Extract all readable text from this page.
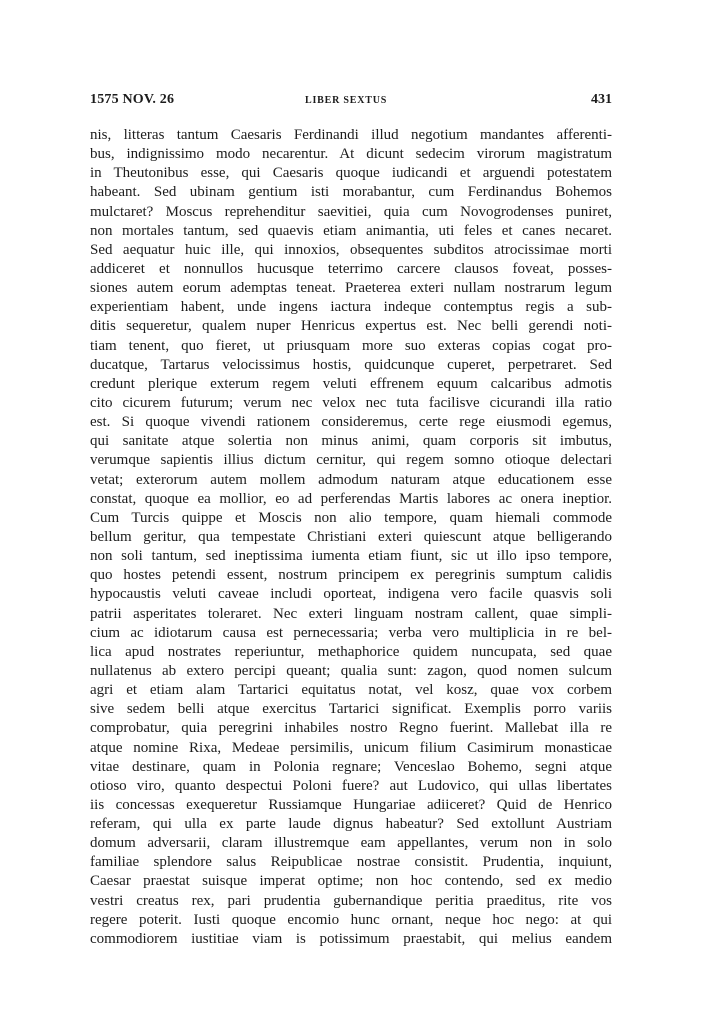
1575 NOV. 26	LIBER SEXTUS	431
nis, litteras tantum Caesaris Ferdinandi illud negotium mandantes afferenti-
bus, indignissimo modo necarentur. At dicunt sedecim virorum magistratum
in Theutonibus esse, qui Caesaris quoque iudicandi et arguendi potestatem
habeant. Sed ubinam gentium isti morabantur, cum Ferdinandus Bohemos
mulctaret? Moscus reprehenditur saevitiei, quia cum Novogrodenses puniret,
non mortales tantum, sed quaevis etiam animantia, uti feles et canes necaret.
Sed aequatur huic ille, qui innoxios, obsequentes subditos atrocissimae morti
addiceret et nonnullos hucusque teterrimo carcere clausos foveat, posses-
siones autem eorum ademptas teneat. Praeterea exteri nullam nostrarum legum
experientiam habent, unde ingens iactura indeque contemptus regis a sub-
ditis sequeretur, qualem nuper Henricus expertus est. Nec belli gerendi noti-
tiam tenent, quo fieret, ut priusquam more suo exteras copias cogat pro-
ducatque, Tartarus velocissimus hostis, quidcunque cuperet, perpetraret. Sed
credunt plerique exterum regem veluti effrenem equum calcaribus admotis
cito cicurem futurum; verum nec velox nec tuta facilisve cicurandi illa ratio
est. Si quoque vivendi rationem consideremus, certe rege eiusmodi egemus,
qui sanitate atque solertia non minus animi, quam corporis sit imbutus,
verumque sapientis illius dictum cernitur, qui regem somno otioque delectari
vetat; exterorum autem mollem admodum naturam atque educationem esse
constat, quoque ea mollior, eo ad perferendas Martis labores ac onera ineptior.
Cum Turcis quippe et Moscis non alio tempore, quam hiemali commode
bellum geritur, qua tempestate Christiani exteri quiescunt atque belligerando
non soli tantum, sed ineptissima iumenta etiam fiunt, sic ut illo ipso tempore,
quo hostes petendi essent, nostrum principem ex peregrinis sumptum calidis
hypocaustis veluti caveae includi oporteat, indigena vero facile quasvis soli
patrii asperitates toleraret. Nec exteri linguam nostram callent, quae simpli-
cium ac idiotarum causa est pernecessaria; verba vero multiplicia in re bel-
lica apud nostrates reperiuntur, methaphorice quidem nuncupata, sed quae
nullatenus ab extero percipi queant; qualia sunt: zagon, quod nomen sulcum
agri et etiam alam Tartarici equitatus notat, vel kosz, quae vox corbem
sive sedem belli atque exercitus Tartarici significat. Exemplis porro variis
comprobatur, quia peregrini inhabiles nostro Regno fuerint. Mallebat illa re
atque nomine Rixa, Medeae persimilis, unicum filium Casimirum monasticae
vitae destinare, quam in Polonia regnare; Venceslao Bohemo, segni atque
otioso viro, quanto despectui Poloni fuere? aut Ludovico, qui ullas libertates
iis concessas exequeretur Russiamque Hungariae adiiceret? Quid de Henrico
referam, qui ulla ex parte laude dignus habeatur? Sed extollunt Austriam
domum adversarii, claram illustremque eam appellantes, verum non in solo
familiae splendore salus Reipublicae nostrae consistit. Prudentia, inquiunt,
Caesar praestat suisque imperat optime; non hoc contendo, sed ex medio
vestri creatus rex, pari prudentia gubernandique peritia praeditus, rite vos
regere poterit. Iusti quoque encomio hunc ornant, neque hoc nego: at qui
commodiorem iustitiae viam is potissimum praestabit, qui melius eandem
